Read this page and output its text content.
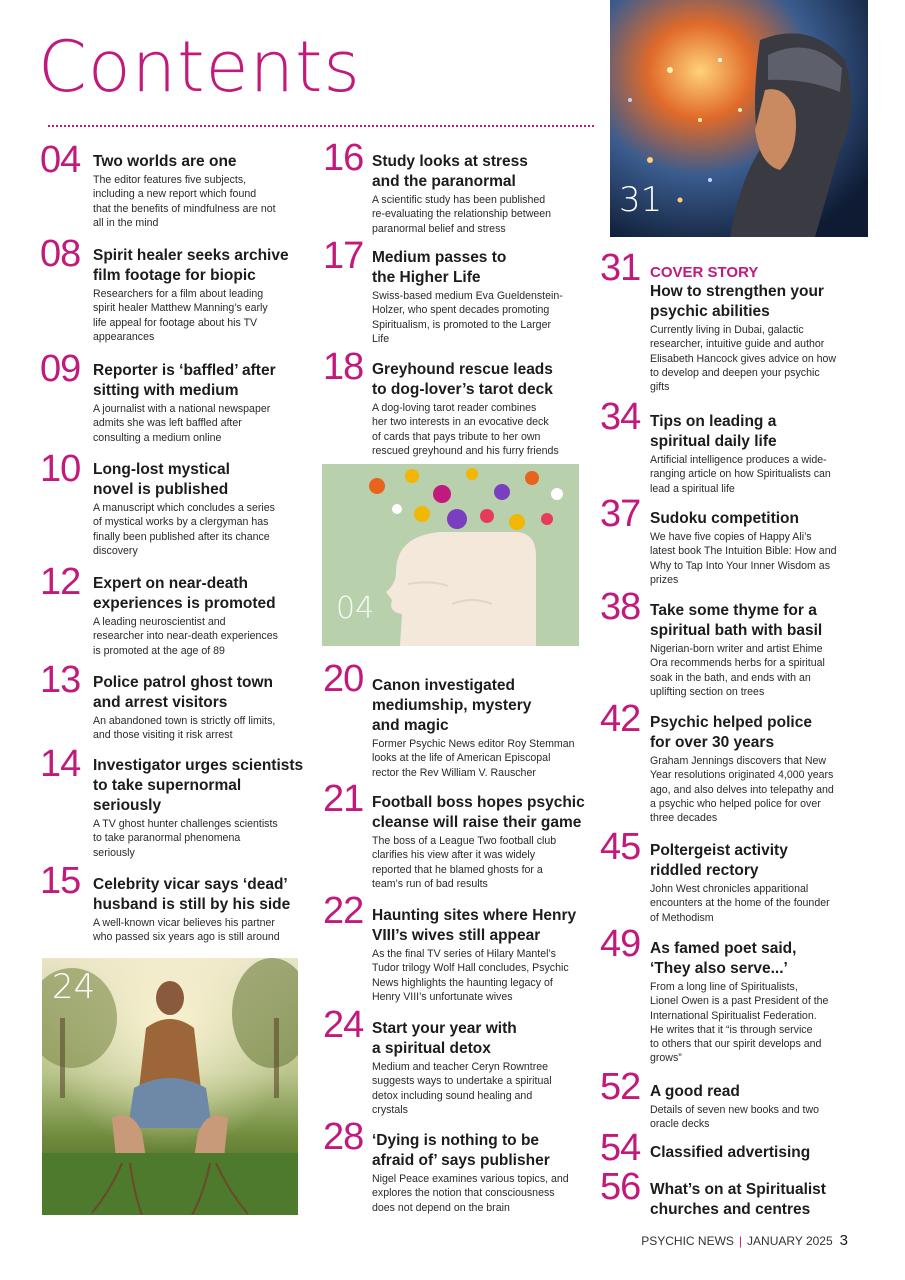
Contents
04 Two worlds are one
The editor features five subjects,
including a new report which found
that the benefits of mindfulness are not
all in the mind
08 Spirit healer seeks archive
film footage for biopic
Researchers for a film about leading
spirit healer Matthew Manning’s early
life appeal for footage about his TV
appearances
09 Reporter is ‘baffled’ after
sitting with medium
A journalist with a national newspaper
admits she was left baffled after
consulting a medium online
10 Long-lost mystical
novel is published
A manuscript which concludes a series
of mystical works by a clergyman has
finally been published after its chance
discovery
12 Expert on near-death
experiences is promoted
A leading neuroscientist and
researcher into near-death experiences
is promoted at the age of 89
13 Police patrol ghost town
and arrest visitors
An abandoned town is strictly off limits,
and those visiting it risk arrest
14 Investigator urges scientists
to take supernormal
seriously
A TV ghost hunter challenges scientists
to take paranormal phenomena
seriously
15 Celebrity vicar says ‘dead’
husband is still by his side
A well-known vicar believes his partner
who passed six years ago is still around
24
16 Study looks at stress
and the paranormal
A scientific study has been published
re-evaluating the relationship between
paranormal belief and stress
17 Medium passes to
the Higher Life
Swiss-based medium Eva Gueldenstein-
Holzer, who spent decades promoting
Spiritualism, is promoted to the Larger
Life
18 Greyhound rescue leads
to dog-lover’s tarot deck
A dog-loving tarot reader combines
her two interests in an evocative deck
of cards that pays tribute to her own
rescued greyhound and his furry friends
04
20 Canon investigated
mediumship, mystery
and magic
Former Psychic News editor Roy Stemman
looks at the life of American Episcopal
rector the Rev William V. Rauscher
21 Football boss hopes psychic
cleanse will raise their game
The boss of a League Two football club
clarifies his view after it was widely
reported that he blamed ghosts for a
team’s run of bad results
22 Haunting sites where Henry
VIII’s wives still appear
As the final TV series of Hilary Mantel’s
Tudor trilogy Wolf Hall concludes, Psychic
News highlights the haunting legacy of
Henry VIII’s unfortunate wives
24 Start your year with
a spiritual detox
Medium and teacher Ceryn Rowntree
suggests ways to undertake a spiritual
detox including sound healing and
crystals
28 ‘Dying is nothing to be
afraid of’ says publisher
Nigel Peace examines various topics, and
explores the notion that consciousness
does not depend on the brain
31
31 COVER STORY
How to strengthen your
psychic abilities
Currently living in Dubai, galactic
researcher, intuitive guide and author
Elisabeth Hancock gives advice on how
to develop and deepen your psychic
gifts
34 Tips on leading a
spiritual daily life
Artificial intelligence produces a wide-
ranging article on how Spiritualists can
lead a spiritual life
37 Sudoku competition
We have five copies of Happy Ali’s
latest book The Intuition Bible: How and
Why to Tap Into Your Inner Wisdom as
prizes
38 Take some thyme for a
spiritual bath with basil
Nigerian-born writer and artist Ehime
Ora recommends herbs for a spiritual
soak in the bath, and ends with an
uplifting section on trees
42 Psychic helped police
for over 30 years
Graham Jennings discovers that New
Year resolutions originated 4,000 years
ago, and also delves into telepathy and
a psychic who helped police for over
three decades
45 Poltergeist activity
riddled rectory
John West chronicles apparitional
encounters at the home of the founder
of Methodism
49 As famed poet said,
‘They also serve...’
From a long line of Spiritualists,
Lionel Owen is a past President of the
International Spiritualist Federation.
He writes that it “is through service
to others that our spirit develops and
grows”
52 A good read
Details of seven new books and two
oracle decks
54 Classified advertising
56 What’s on at Spiritualist
churches and centres
PSYCHIC NEWS | JANUARY 2025 3
